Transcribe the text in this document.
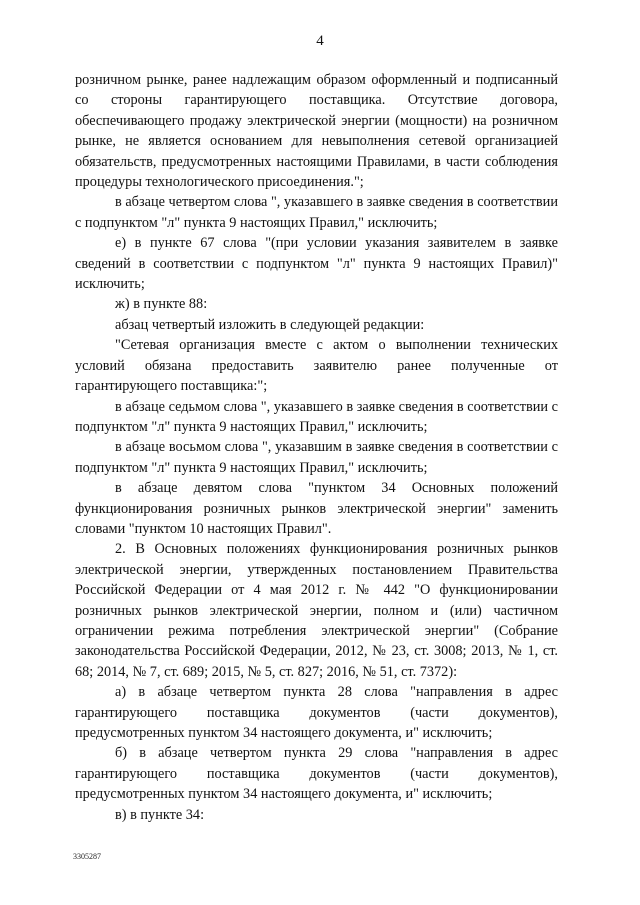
4

розничном рынке, ранее надлежащим образом оформленный и подписанный со стороны гарантирующего поставщика. Отсутствие договора, обеспечивающего продажу электрической энергии (мощности) на розничном рынке, не является основанием для невыполнения сетевой организацией обязательств, предусмотренных настоящими Правилами, в части соблюдения процедуры технологического присоединения.";

в абзаце четвертом слова ", указавшего в заявке сведения в соответствии с подпунктом "л" пункта 9 настоящих Правил," исключить;

е) в пункте 67 слова "(при условии указания заявителем в заявке сведений в соответствии с подпунктом "л" пункта 9 настоящих Правил)" исключить;

ж) в пункте 88:

абзац четвертый изложить в следующей редакции:

"Сетевая организация вместе с актом о выполнении технических условий обязана предоставить заявителю ранее полученные от гарантирующего поставщика:";

в абзаце седьмом слова ", указавшего в заявке сведения в соответствии с подпунктом "л" пункта 9 настоящих Правил," исключить;

в абзаце восьмом слова ", указавшим в заявке сведения в соответствии с подпунктом "л" пункта 9 настоящих Правил," исключить;

в абзаце девятом слова "пунктом 34 Основных положений функционирования розничных рынков электрической энергии" заменить словами "пунктом 10 настоящих Правил".

2. В Основных положениях функционирования розничных рынков электрической энергии, утвержденных постановлением Правительства Российской Федерации от 4 мая 2012 г. № 442 "О функционировании розничных рынков электрической энергии, полном и (или) частичном ограничении режима потребления электрической энергии" (Собрание законодательства Российской Федерации, 2012, № 23, ст. 3008; 2013, № 1, ст. 68; 2014, № 7, ст. 689; 2015, № 5, ст. 827; 2016, № 51, ст. 7372):

а) в абзаце четвертом пункта 28 слова "направления в адрес гарантирующего поставщика документов (части документов), предусмотренных пунктом 34 настоящего документа, и" исключить;

б) в абзаце четвертом пункта 29 слова "направления в адрес гарантирующего поставщика документов (части документов), предусмотренных пунктом 34 настоящего документа, и" исключить;

в) в пункте 34:

3305287
